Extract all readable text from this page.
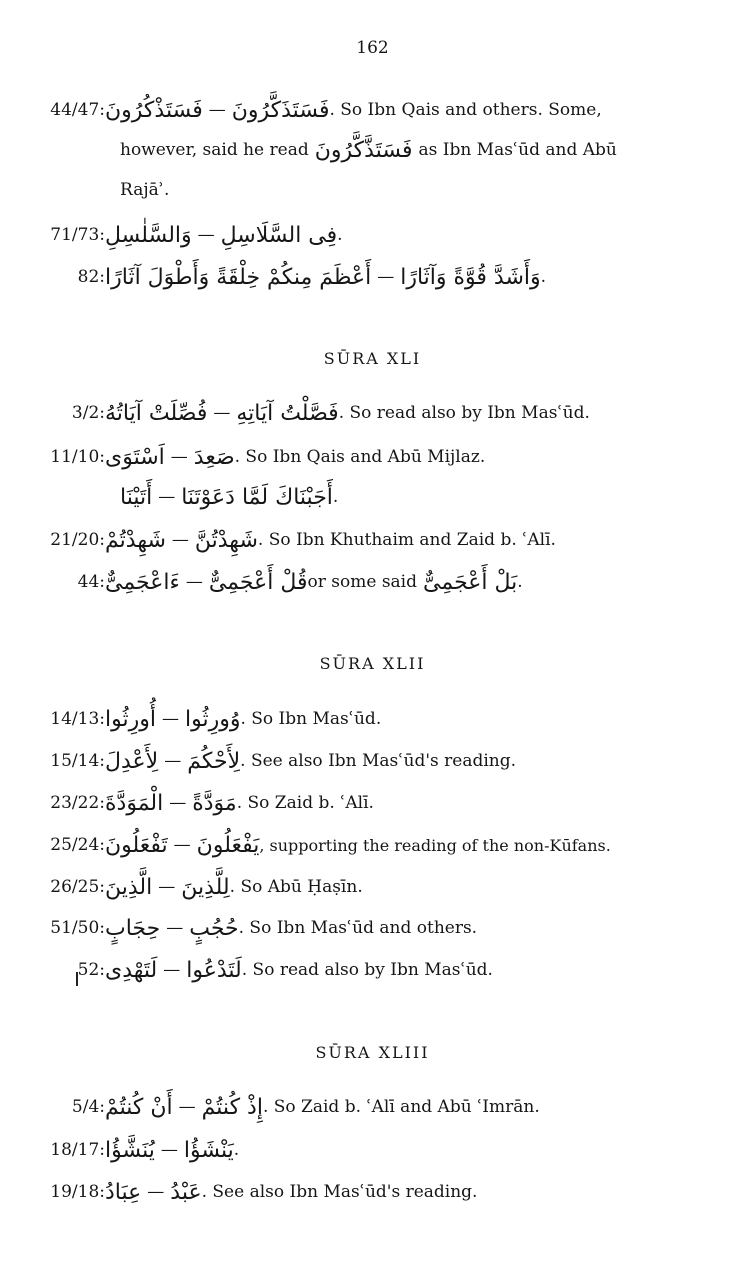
162
44/47: فَسَتَذْكُرُونَ — فَسَتَذَكَّرُونَ . So Ibn Qais and others. Some,
however, said he read فَسَتَذَّكَّرُونَ as Ibn Masʿūd and Abū
Rajāʾ.
71/73: وَالسَّلٰسِلِ — فِى السَّلَاسِلِ .
82: أَعْظَمَ مِنكُمْ خِلْقَةً وَأَطْوَلَ آثَارًا — وَأَشَدَّ قُوَّةً وَآثَارًا .
SŪRA XLI
3/2: فُصِّلَتْ آيَاتُهُ — فَصَّلْتُ آيَاتِهِ . So read also by Ibn Masʿūd.
11/10: اَسْتَوَى — صَعِدَ . So Ibn Qais and Abū Mijlaz.
أَتَيْنَا — أَجَبْنَاكَ لَمَّا دَعَوْتَنَا .
21/20: شَهِدْتُمْ — شَهِدْتُنَّ . So Ibn Khuthaim and Zaid b. ʿAlī.
44: ءَاعْجَمِىٌّ — قُلْ أَعْجَمِىٌّ or some said بَلْ أَعْجَمِىٌّ .
SŪRA XLII
14/13: أُورِثُوا — وُورِثُوا . So Ibn Masʿūd.
15/14: لِأَعْدِلَ — لِأَحْكُمَ . See also Ibn Masʿūd's reading.
23/22: الْمَوَدَّةَ — مَوَدَّةً . So Zaid b. ʿAlī.
25/24: تَفْعَلُونَ — يَفْعَلُونَ , supporting the reading of the non-Kūfans.
26/25: الَّذِينَ — لِلَّذِينَ . So Abū Ḥaṣīn.
51/50: حِجَابٍ — حُجُبٍ . So Ibn Masʿūd and others.
52: لَتَهْدِى — لَتَدْعُوا . So read also by Ibn Masʿūd.
SŪRA XLIII
5/4: أَنْ كُنتُمْ — إِذْ كُنتُمْ . So Zaid b. ʿAlī and Abū ʿImrān.
18/17: يُنَشَّؤُا — يَنْشَؤُا .
19/18: عِبَادُ — عَبْدُ . See also Ibn Masʿūd's reading.
